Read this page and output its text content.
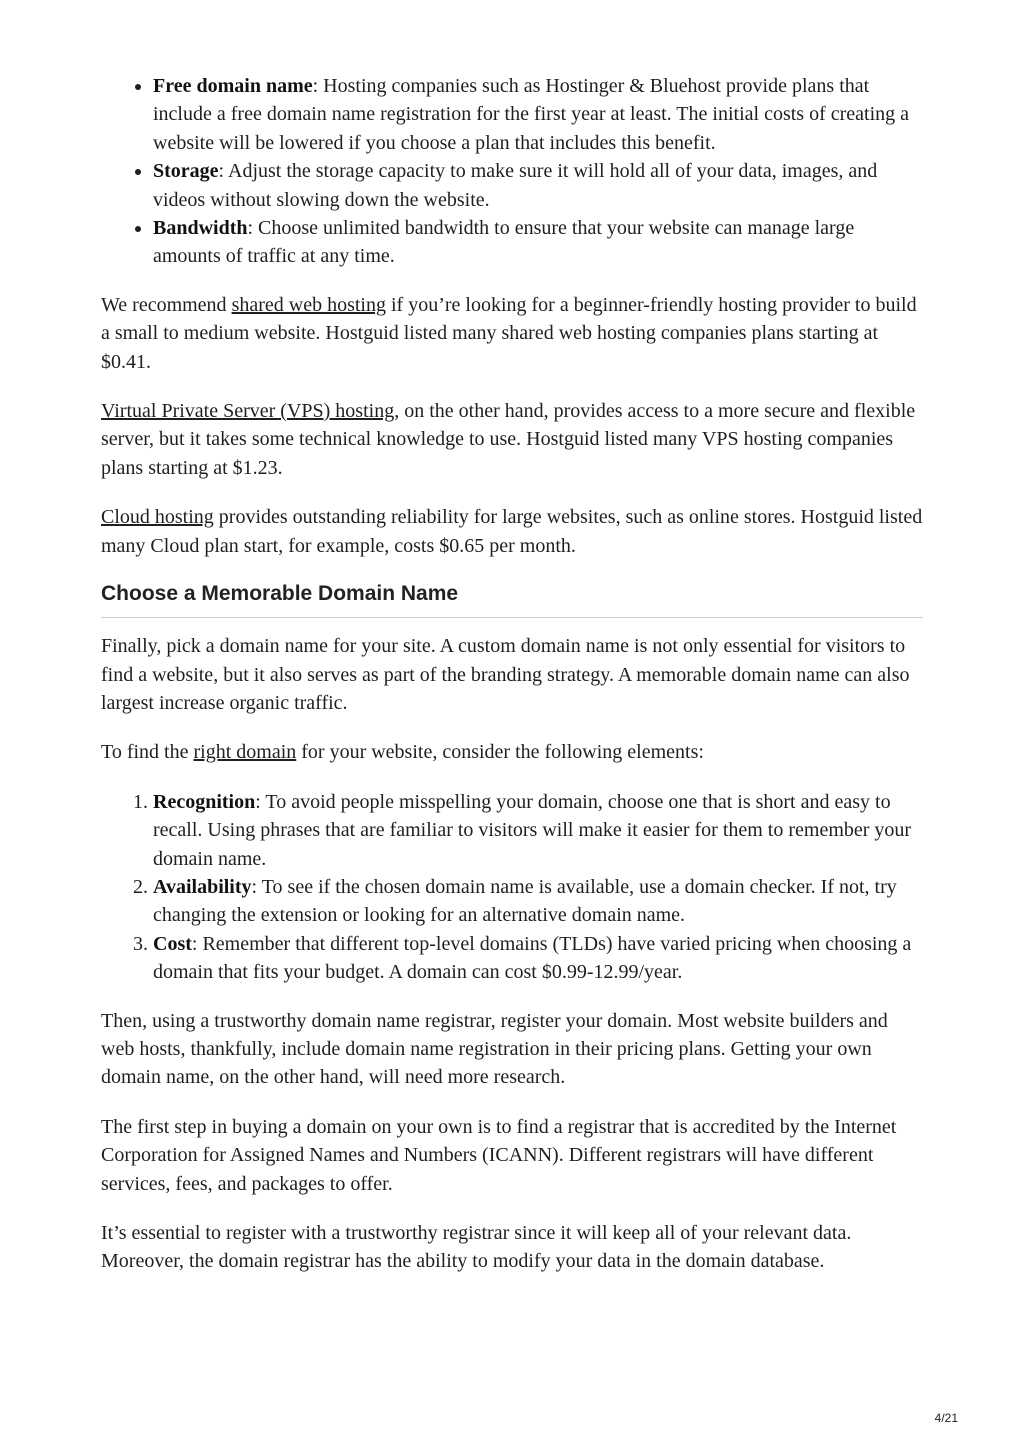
• Free domain name: Hosting companies such as Hostinger & Bluehost provide plans that include a free domain name registration for the first year at least. The initial costs of creating a website will be lowered if you choose a plan that includes this benefit.
• Storage: Adjust the storage capacity to make sure it will hold all of your data, images, and videos without slowing down the website.
• Bandwidth: Choose unlimited bandwidth to ensure that your website can manage large amounts of traffic at any time.

We recommend shared web hosting if you’re looking for a beginner-friendly hosting provider to build a small to medium website. Hostguid listed many shared web hosting companies plans starting at $0.41.

Virtual Private Server (VPS) hosting, on the other hand, provides access to a more secure and flexible server, but it takes some technical knowledge to use. Hostguid listed many VPS hosting companies plans starting at $1.23.

Cloud hosting provides outstanding reliability for large websites, such as online stores. Hostguid listed many Cloud plan start, for example, costs $0.65 per month.

Choose a Memorable Domain Name

Finally, pick a domain name for your site. A custom domain name is not only essential for visitors to find a website, but it also serves as part of the branding strategy. A memorable domain name can also largest increase organic traffic.

To find the right domain for your website, consider the following elements:

1. Recognition: To avoid people misspelling your domain, choose one that is short and easy to recall. Using phrases that are familiar to visitors will make it easier for them to remember your domain name.
2. Availability: To see if the chosen domain name is available, use a domain checker. If not, try changing the extension or looking for an alternative domain name.
3. Cost: Remember that different top-level domains (TLDs) have varied pricing when choosing a domain that fits your budget. A domain can cost $0.99-12.99/year.

Then, using a trustworthy domain name registrar, register your domain. Most website builders and web hosts, thankfully, include domain name registration in their pricing plans. Getting your own domain name, on the other hand, will need more research.

The first step in buying a domain on your own is to find a registrar that is accredited by the Internet Corporation for Assigned Names and Numbers (ICANN). Different registrars will have different services, fees, and packages to offer.

It’s essential to register with a trustworthy registrar since it will keep all of your relevant data. Moreover, the domain registrar has the ability to modify your data in the domain database.

4/21
